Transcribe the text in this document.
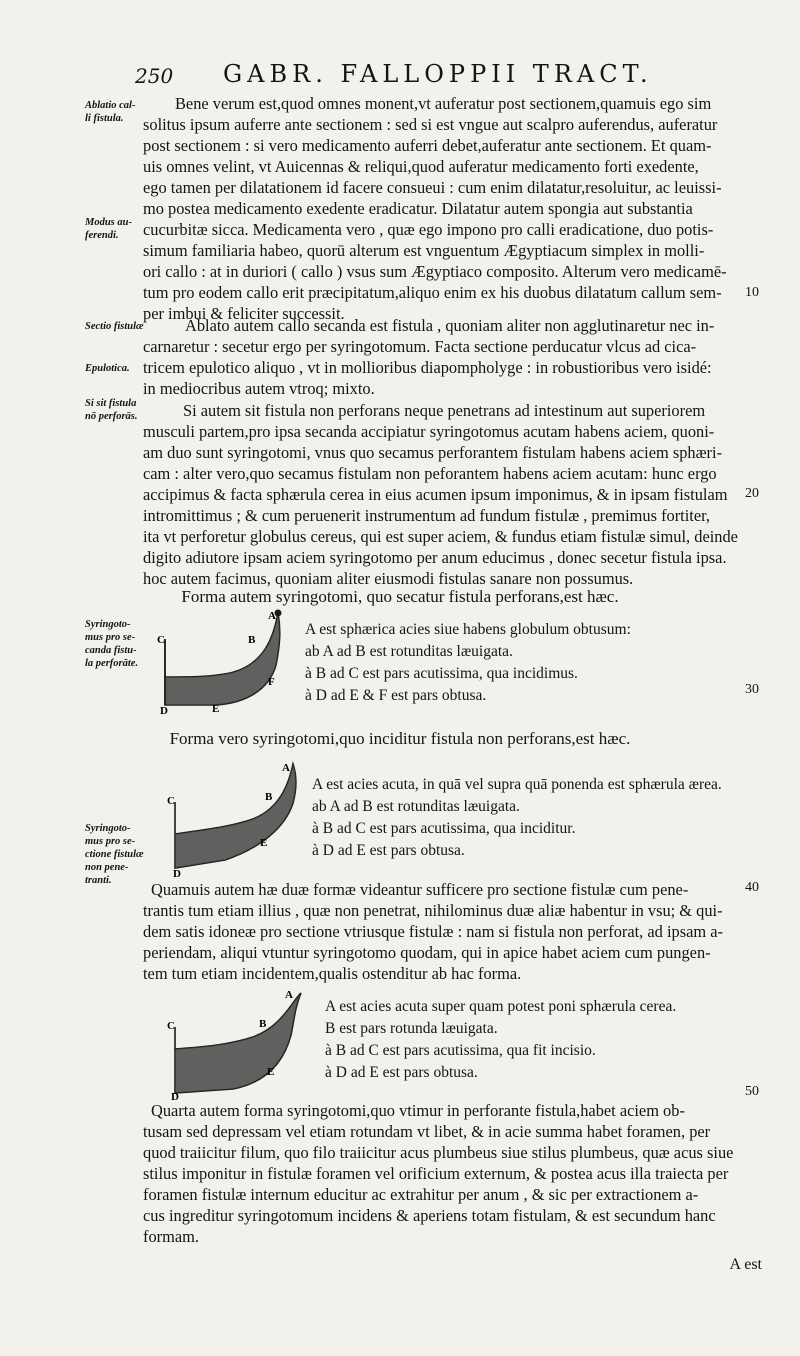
250 GABR. FALLOPPII TRACT.

Ablatio cal-
li fistula.

Modus au-
ferendi.

Sectio fistulæ

Epulotica.

Si sit fistula
nō perforās.

Syringoto-
mus pro se-
canda fistu-
la perforāte.

Syringoto-
mus pro se-
ctione fistulæ
non pene-
tranti.

10
20
30
40
50
Bene verum est,quod omnes monent,vt auferatur post sectionem,quamuis ego sim
solitus ipsum auferre ante sectionem : sed si est vngue aut scalpro auferendus, auferatur
post sectionem : si vero medicamento auferri debet,auferatur ante sectionem. Et quam-
uis omnes velint, vt Auicennas & reliqui,quod auferatur medicamento forti exedente,
ego tamen per dilatationem id facere consueui : cum enim dilatatur,resoluitur, ac leuissi-
mo postea medicamento exedente eradicatur. Dilatatur autem spongia aut substantia
cucurbitæ sicca. Medicamenta vero , quæ ego impono pro calli eradicatione, duo potis-
simum familiaria habeo, quorū alterum est vnguentum Ægyptiacum simplex in molli-
ori callo : at in duriori ( callo ) vsus sum Ægyptiaco composito. Alterum vero medicamē-
tum pro eodem callo erit præcipitatum,aliquo enim ex his duobus dilatatum callum sem-
per imbui & feliciter successit.
Ablato autem callo secanda est fistula , quoniam aliter non agglutinaretur nec in-
carnaretur : secetur ergo per syringotomum. Facta sectione perducatur vlcus ad cica-
tricem epulotico aliquo , vt in mollioribus diapompholyge : in robustioribus vero isidé:
in mediocribus autem vtroq; mixto.
Si autem sit fistula non perforans neque penetrans ad intestinum aut superiorem
musculi partem,pro ipsa secanda accipiatur syringotomus acutam habens aciem, quoni-
am duo sunt syringotomi, vnus quo secamus perforantem fistulam habens aciem sphæri-
cam : alter vero,quo secamus fistulam non peforantem habens aciem acutam: hunc ergo
accipimus & facta sphærula cerea in eius acumen ipsum imponimus, & in ipsam fistulam
intromittimus ; & cum peruenerit instrumentum ad fundum fistulæ , premimus fortiter,
ita vt perforetur globulus cereus, qui est super aciem, & fundus etiam fistulæ simul, deinde
digito adiutore ipsam aciem syringotomo per anum educimus , donec secetur fistula ipsa.
hoc autem facimus, quoniam aliter eiusmodi fistulas sanare non possumus.

Forma autem syringotomi, quo secatur fistula perforans,est hæc.

A
B
C
D	E
F
A est sphærica acies siue habens globulum obtusum:
ab A ad B est rotunditas læuigata.
à B ad C est pars acutissima, qua incidimus.
à D ad E & F est pars obtusa.

Forma vero syringotomi,quo inciditur fistula non perforans,est hæc.

A
B
C
D
E
A est acies acuta, in quā vel supra quā ponenda est sphærula ærea.
ab A ad B est rotunditas læuigata.
à B ad C est pars acutissima, qua inciditur.
à D ad E est pars obtusa.
Quamuis autem hæ duæ formæ videantur sufficere pro sectione fistulæ cum pene-
trantis tum etiam illius , quæ non penetrat, nihilominus duæ aliæ habentur in vsu; & qui-
dem satis idoneæ pro sectione vtriusque fistulæ : nam si fistula non perforat, ad ipsam a-
periendam, aliqui vtuntur syringotomo quodam, qui in apice habet aciem cum pungen-
tem tum etiam incidentem,qualis ostenditur ab hac forma.
A
B
C
D
E
A est acies acuta super quam potest poni sphærula cerea.
B est pars rotunda læuigata.
à B ad C est pars acutissima, qua fit incisio.
à D ad E est pars obtusa.
Quarta autem forma syringotomi,quo vtimur in perforante fistula,habet aciem ob-
tusam sed depressam vel etiam rotundam vt libet, & in acie summa habet foramen, per
quod traiicitur filum, quo filo traiicitur acus plumbeus siue stilus plumbeus, quæ acus siue
stilus imponitur in fistulæ foramen vel orificium externum, & postea acus illa traiecta per
foramen fistulæ internum educitur ac extrahitur per anum , & sic per extractionem a-
cus ingreditur syringotomum incidens & aperiens totam fistulam, & est secundum hanc
formam.
A est
